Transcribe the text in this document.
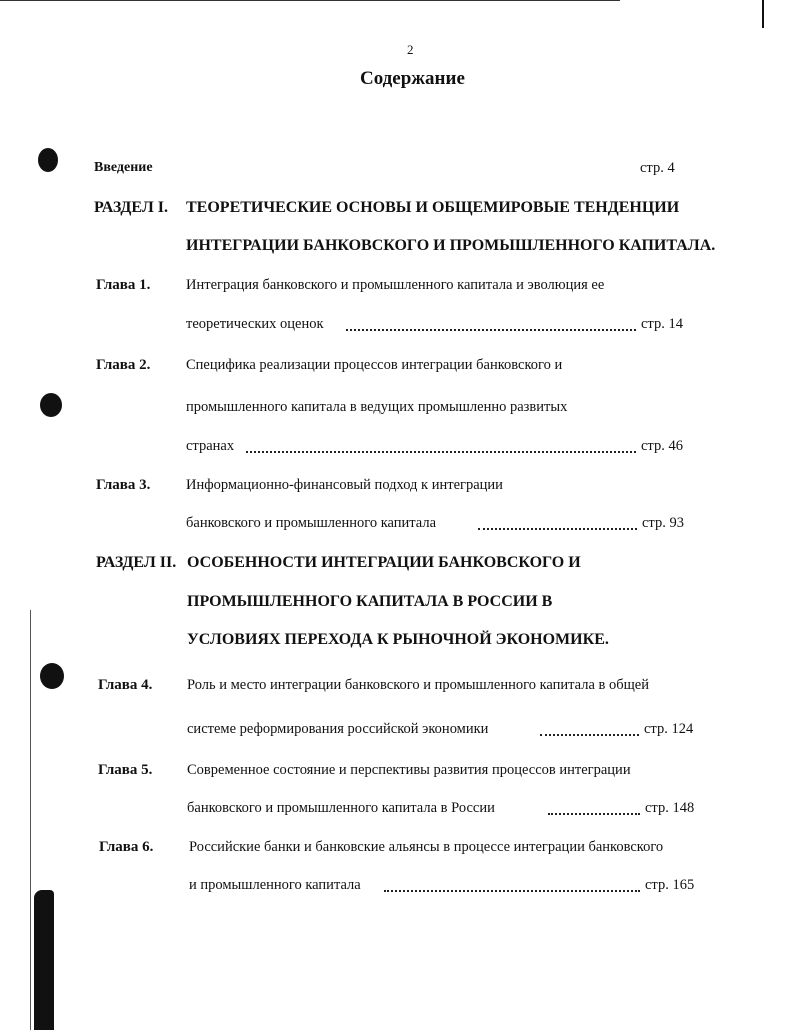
2
Содержание
Введение	стр. 4
РАЗДЕЛ I. ТЕОРЕТИЧЕСКИЕ ОСНОВЫ И ОБЩЕМИРОВЫЕ ТЕНДЕНЦИИ
ИНТЕГРАЦИИ БАНКОВСКОГО И ПРОМЫШЛЕННОГО КАПИТАЛА.
Глава 1. Интеграция банковского и промышленного капитала и эволюция ее
теоретических оценок	стр. 14
Глава 2. Специфика реализации процессов интеграции банковского и
промышленного капитала в ведущих промышленно развитых
странах	стр. 46
Глава 3. Информационно-финансовый подход к интеграции
банковского и промышленного капитала	стр. 93
РАЗДЕЛ II. ОСОБЕННОСТИ ИНТЕГРАЦИИ БАНКОВСКОГО И
ПРОМЫШЛЕННОГО КАПИТАЛА В РОССИИ В
УСЛОВИЯХ ПЕРЕХОДА К РЫНОЧНОЙ ЭКОНОМИКЕ.
Глава 4. Роль и место интеграции банковского и промышленного капитала в общей
системе реформирования российской экономики	стр. 124
Глава 5. Современное состояние и перспективы развития процессов интеграции
банковского и промышленного капитала в России	стр. 148
Глава 6. Российские банки и банковские альянсы в процессе интеграции банковского
и промышленного капитала	стр. 165
